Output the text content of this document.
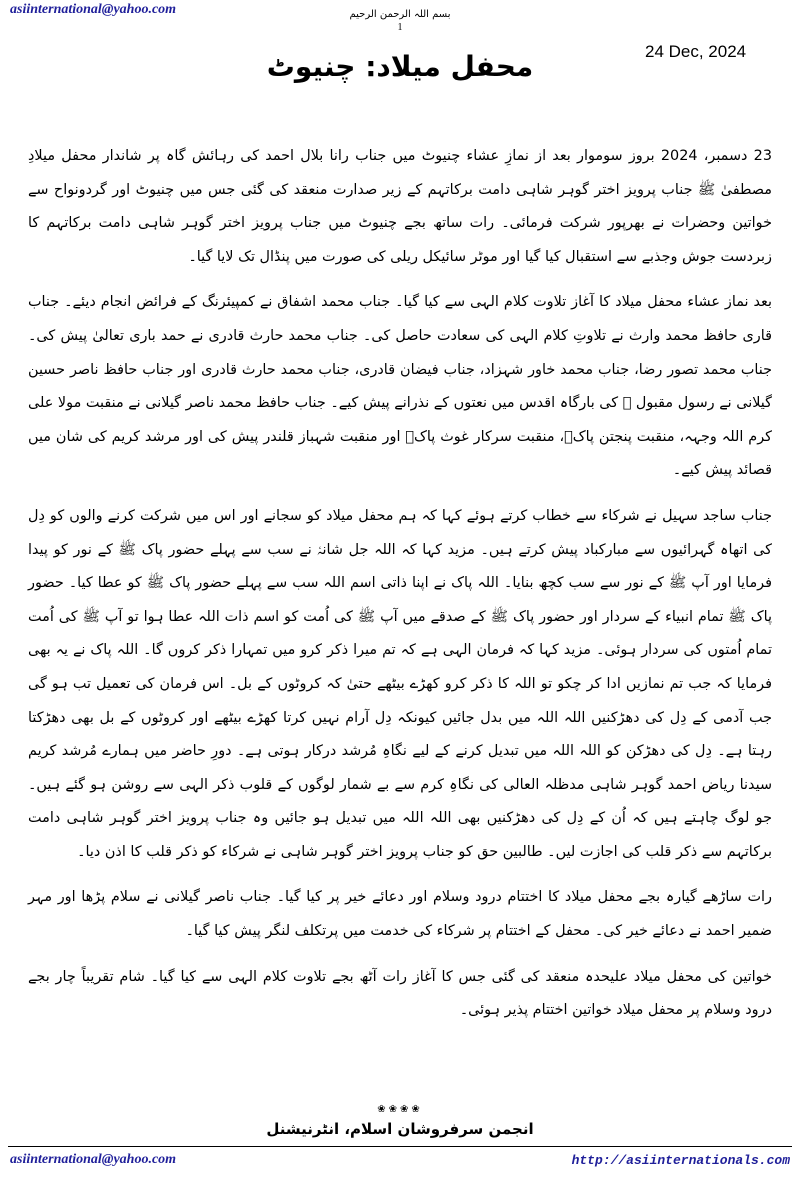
asiinternational@yahoo.com	بسم اللہ الرحمن الرحیم
1
24 Dec, 2024
محفل میلاد: چنیوٹ

23 دسمبر، 2024 بروز سوموار بعد از نمازِ عشاء چنیوٹ میں جناب رانا بلال احمد کی رہائش گاہ پر شاندار محفل میلادِ مصطفیٰ ﷺ جناب پرویز اختر گوہر شاہی دامت برکاتہم کے زیر صدارت منعقد کی گئی جس میں چنیوٹ اور گردونواح سے خواتین وحضرات نے بھرپور شرکت فرمائی۔ رات ساتھ بجے چنیوٹ میں جناب پرویز اختر گوہر شاہی دامت برکاتہم کا زبردست جوش وجذبے سے استقبال کیا گیا اور موٹر سائیکل ریلی کی صورت میں پنڈال تک لایا گیا۔

بعد نماز عشاء محفل میلاد کا آغاز تلاوت کلام الہی سے کیا گیا۔ جناب محمد اشفاق نے کمپیئرنگ کے فرائض انجام دیئے۔ جناب قاری حافظ محمد وارث نے تلاوتِ کلام الہی کی سعادت حاصل کی۔ جناب محمد حارث قادری نے حمد باری تعالیٰ پیش کی۔ جناب محمد تصور رضا، جناب محمد خاور شہزاد، جناب فیضان قادری، جناب محمد حارث قادری اور جناب حافظ ناصر حسین گیلانی نے رسول مقبول ﷺ کی بارگاہ اقدس میں نعتوں کے نذرانے پیش کیے۔ جناب حافظ محمد ناصر گیلانی نے منقبت مولا علی کرم اللہ وجہہ، منقبت پنجتن پاکؑ، منقبت سرکار غوث پاکؒ اور منقبت شہباز قلندر پیش کی اور مرشد کریم کی شان میں قصائد پیش کیے۔

جناب ساجد سہیل نے شرکاء سے خطاب کرتے ہوئے کہا کہ ہم محفل میلاد کو سجانے اور اس میں شرکت کرنے والوں کو دِل کی اتھاہ گہرائیوں سے مبارکباد پیش کرتے ہیں۔ مزید کہا کہ اللہ جل شانہٗ نے سب سے پہلے حضور پاک ﷺ کے نور کو پیدا فرمایا اور آپ ﷺ کے نور سے سب کچھ بنایا۔ اللہ پاک نے اپنا ذاتی اسم اللہ سب سے پہلے حضور پاک ﷺ کو عطا کیا۔ حضور پاک ﷺ تمام انبیاء کے سردار اور حضور پاک ﷺ کے صدقے میں آپ ﷺ کی اُمت کو اسم ذات اللہ عطا ہوا تو آپ ﷺ کی اُمت تمام اُمتوں کی سردار ہوئی۔ مزید کہا کہ فرمان الہی ہے کہ تم میرا ذکر کرو میں تمہارا ذکر کروں گا۔ اللہ پاک نے یہ بھی فرمایا کہ جب تم نمازیں ادا کر چکو تو اللہ کا ذکر کرو کھڑے بیٹھے حتیٰ کہ کروٹوں کے بل۔ اس فرمان کی تعمیل تب ہو گی جب آدمی کے دِل کی دھڑکنیں اللہ اللہ میں بدل جائیں کیونکہ دِل آرام نہیں کرتا کھڑے بیٹھے اور کروٹوں کے بل بھی دھڑکتا رہتا ہے۔ دِل کی دھڑکن کو اللہ اللہ میں تبدیل کرنے کے لیے نگاہِ مُرشد درکار ہوتی ہے۔ دورِ حاضر میں ہمارے مُرشد کریم سیدنا ریاض احمد گوہر شاہی مدظلہ العالی کی نگاہِ کرم سے بے شمار لوگوں کے قلوب ذکر الہی سے روشن ہو گئے ہیں۔ جو لوگ چاہتے ہیں کہ اُن کے دِل کی دھڑکنیں بھی اللہ اللہ میں تبدیل ہو جائیں وہ جناب پرویز اختر گوہر شاہی دامت برکاتہم سے ذکر قلب کی اجازت لیں۔ طالبین حق کو جناب پرویز اختر گوہر شاہی نے شرکاء کو ذکر قلب کا اذن دیا۔

رات ساڑھے گیارہ بجے محفل میلاد کا اختتام درود وسلام اور دعائے خیر پر کیا گیا۔ جناب ناصر گیلانی نے سلام پڑھا اور مہر ضمیر احمد نے دعائے خیر کی۔ محفل کے اختتام پر شرکاء کی خدمت میں پرتکلف لنگر پیش کیا گیا۔

خواتین کی محفل میلاد علیحدہ منعقد کی گئی جس کا آغاز رات آٹھ بجے تلاوت کلام الہی سے کیا گیا۔ شام تقریباً چار بجے درود وسلام پر محفل میلاد خواتین اختتام پذیر ہوئی۔

❀❀❀❀
انجمن سرفروشان اسلام، انٹرنیشنل
asiinternational@yahoo.com	http://asiinternationals.com
